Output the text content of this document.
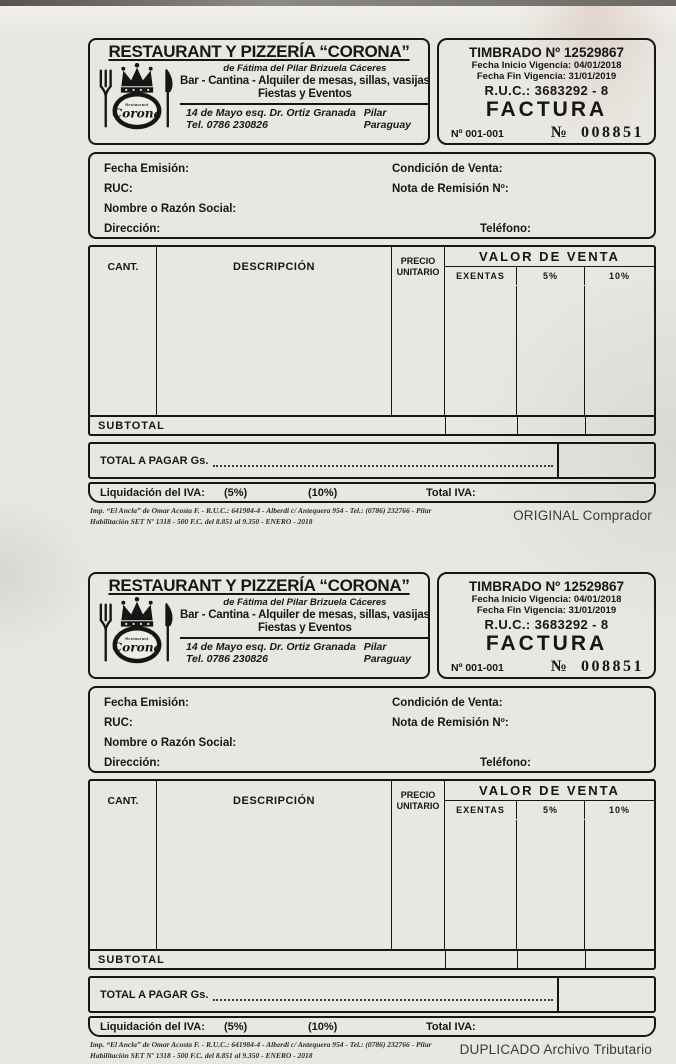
RESTAURANT Y PIZZERÍA “CORONA”
Restaurant
Corona
de Fátima del Pilar Brizuela Cáceres
Bar - Cantina - Alquiler de mesas, sillas, vasijas
Fiestas y Eventos
14 de Mayo esq. Dr. Ortiz Granada Pilar
Tel. 0786 230826	Paraguay
TIMBRADO Nº 12529867
Fecha Inicio Vigencia: 04/01/2018
Fecha Fin Vigencia: 31/01/2019
R.U.C.: 3683292 - 8
FACTURA
Nº 001-001	№ 008851
Fecha Emisión:	Condición de Venta:
RUC:	Nota de Remisión Nº:
Nombre o Razón Social:
Dirección:	Teléfono:
CANT.	DESCRIPCIÓN	PRECIO
UNITARIO
VALOR DE VENTA
EXENTAS	5%	10%
SUBTOTAL
TOTAL A PAGAR Gs.
Liquidación del IVA: (5%)	(10%)	Total IVA:
Imp. “El Ancla” de Omar Acosta F. - R.U.C.: 641984-4 - Alberdi c/ Antequera 954 - Tel.: (0786) 232766 - Pilar
Habilitación SET Nº 1318 - 500 F.C. del 8.851 al 9.350 - ENERO - 2018	ORIGINAL Comprador
RESTAURANT Y PIZZERÍA “CORONA”
Restaurant
Corona
de Fátima del Pilar Brizuela Cáceres
Bar - Cantina - Alquiler de mesas, sillas, vasijas
Fiestas y Eventos
14 de Mayo esq. Dr. Ortiz Granada Pilar
Tel. 0786 230826	Paraguay
TIMBRADO Nº 12529867
Fecha Inicio Vigencia: 04/01/2018
Fecha Fin Vigencia: 31/01/2019
R.U.C.: 3683292 - 8
FACTURA
Nº 001-001	№ 008851
Fecha Emisión:	Condición de Venta:
RUC:	Nota de Remisión Nº:
Nombre o Razón Social:
Dirección:	Teléfono:
CANT.	DESCRIPCIÓN	PRECIO
UNITARIO
VALOR DE VENTA
EXENTAS	5%	10%
SUBTOTAL
TOTAL A PAGAR Gs.
Liquidación del IVA: (5%)	(10%)	Total IVA:
Imp. “El Ancla” de Omar Acosta F. - R.U.C.: 641984-4 - Alberdi c/ Antequera 954 - Tel.: (0786) 232766 - Pilar
Habilitación SET Nº 1318 - 500 F.C. del 8.851 al 9.350 - ENERO - 2018	DUPLICADO Archivo Tributario
